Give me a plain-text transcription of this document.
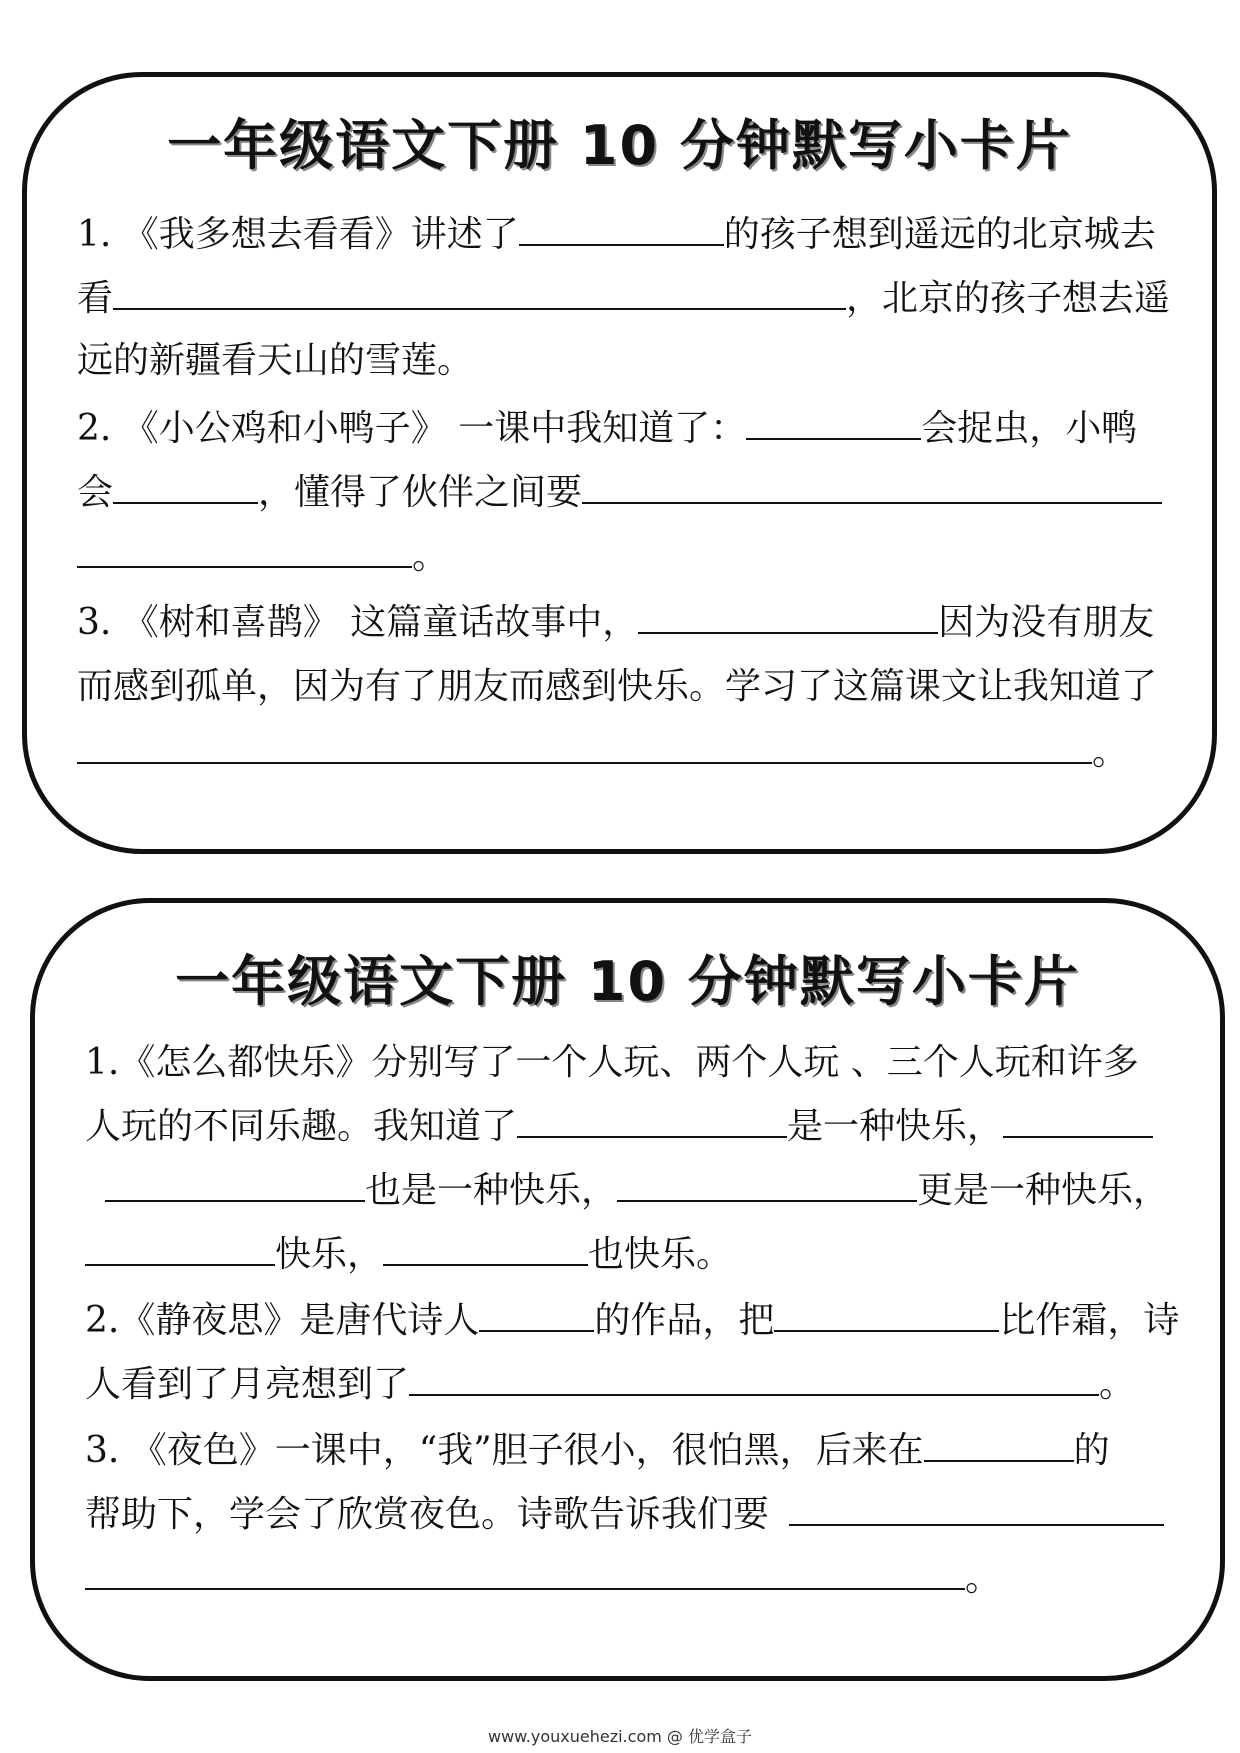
一年级语文下册 10 分钟默写小卡片
1. 《我多想去看看》讲述了	的孩子想到遥远的北京城去
看	，北京的孩子想去遥
远的新疆看天山的雪莲。
2. 《小公鸡和小鸭子》 一课中我知道了：	会捉虫，小鸭
会	，懂得了伙伴之间要
。
3. 《树和喜鹊》 这篇童话故事中，	因为没有朋友
而感到孤单，因为有了朋友而感到快乐。学习了这篇课文让我知道了
。
一年级语文下册 10 分钟默写小卡片
1.《怎么都快乐》分别写了一个人玩、两个人玩 、三个人玩和许多
人玩的不同乐趣。我知道了	是一种快乐，
也是一种快乐，	更是一种快乐，
快乐，	也快乐。
2.《静夜思》是唐代诗人	的作品，把	比作霜，诗
人看到了月亮想到了	。
3. 《夜色》一课中，“我”胆子很小，很怕黑，后来在	的
帮助下，学会了欣赏夜色。诗歌告诉我们要
。
www.youxuehezi.com @ 优学盒子
